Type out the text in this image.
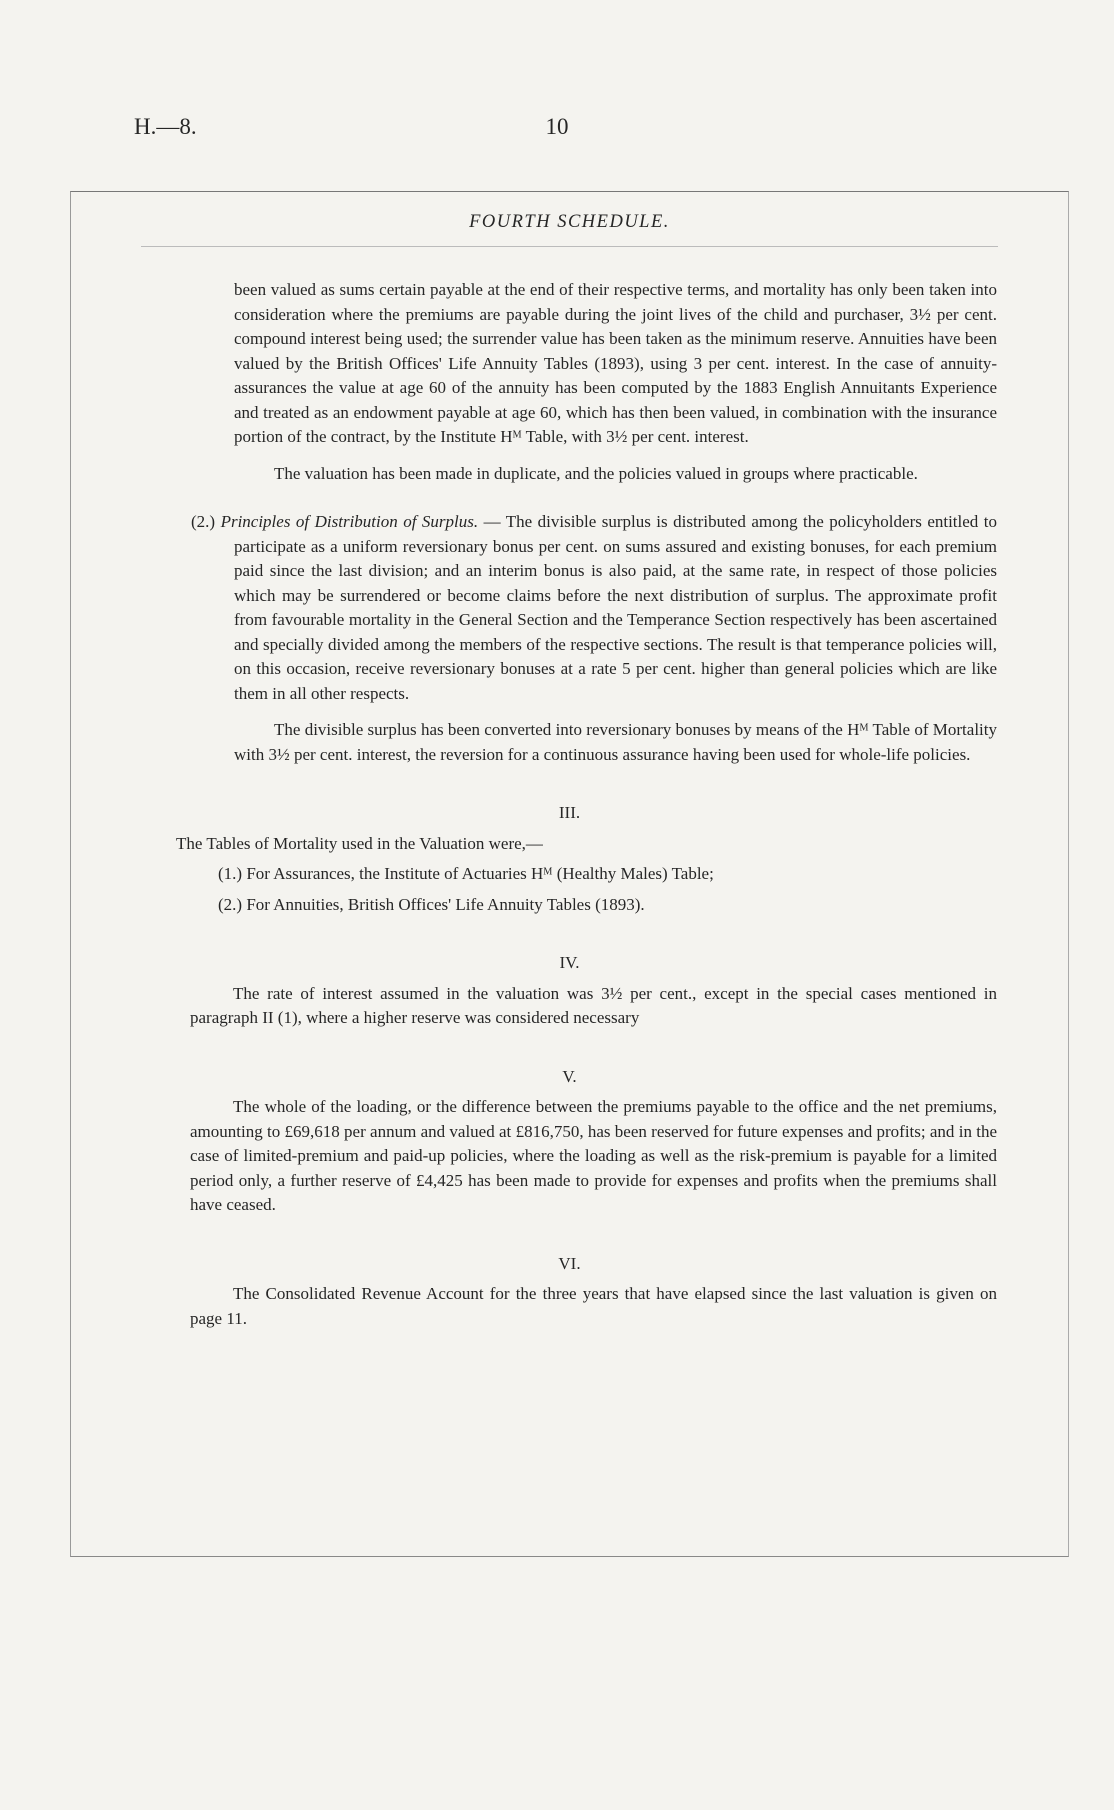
H.—8.	10
FOURTH SCHEDULE.

been valued as sums certain payable at the end of their respective terms, and mortality has only been taken into consideration where the premiums are payable during the joint lives of the child and purchaser, 3½ per cent. compound interest being used; the surrender value has been taken as the minimum reserve. Annuities have been valued by the British Offices' Life Annuity Tables (1893), using 3 per cent. interest. In the case of annuity-assurances the value at age 60 of the annuity has been computed by the 1883 English Annuitants Experience and treated as an endowment payable at age 60, which has then been valued, in combination with the insurance portion of the contract, by the Institute Hᴹ Table, with 3½ per cent. interest.

The valuation has been made in duplicate, and the policies valued in groups where practicable.

(2.) Principles of Distribution of Surplus. — The divisible surplus is distributed among the policyholders entitled to participate as a uniform reversionary bonus per cent. on sums assured and existing bonuses, for each premium paid since the last division; and an interim bonus is also paid, at the same rate, in respect of those policies which may be surrendered or become claims before the next distribution of surplus. The approximate profit from favourable mortality in the General Section and the Temperance Section respectively has been ascertained and specially divided among the members of the respective sections. The result is that temperance policies will, on this occasion, receive reversionary bonuses at a rate 5 per cent. higher than general policies which are like them in all other respects.

The divisible surplus has been converted into reversionary bonuses by means of the Hᴹ Table of Mortality with 3½ per cent. interest, the reversion for a continuous assurance having been used for whole-life policies.

III.

The Tables of Mortality used in the Valuation were,—

(1.) For Assurances, the Institute of Actuaries Hᴹ (Healthy Males) Table;

(2.) For Annuities, British Offices' Life Annuity Tables (1893).

IV.

The rate of interest assumed in the valuation was 3½ per cent., except in the special cases mentioned in paragraph II (1), where a higher reserve was considered necessary

V.

The whole of the loading, or the difference between the premiums payable to the office and the net premiums, amounting to £69,618 per annum and valued at £816,750, has been reserved for future expenses and profits; and in the case of limited-premium and paid-up policies, where the loading as well as the risk-premium is payable for a limited period only, a further reserve of £4,425 has been made to provide for expenses and profits when the premiums shall have ceased.

VI.

The Consolidated Revenue Account for the three years that have elapsed since the last valuation is given on page 11.
